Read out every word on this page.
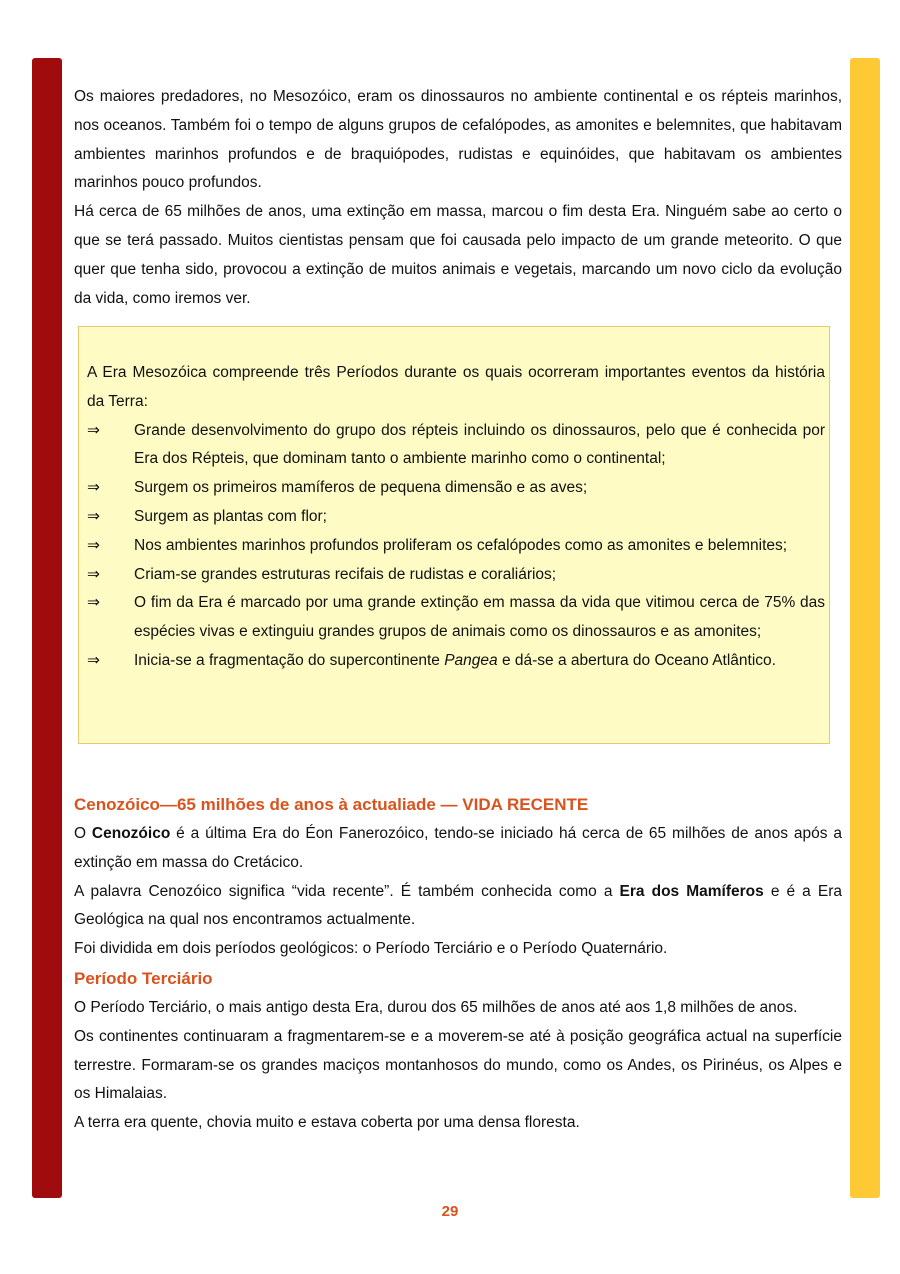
Os maiores predadores, no Mesozóico, eram os dinossauros no ambiente continental e os répteis marinhos, nos oceanos. Também foi o tempo de alguns grupos de cefalópodes, as amonites e belemnites, que habitavam ambientes marinhos profundos e de braquiópodes, rudistas e equinóides, que habitavam os ambientes marinhos pouco profundos.

Há cerca de 65 milhões de anos, uma extinção em massa, marcou o fim desta Era. Ninguém sabe ao certo o que se terá passado. Muitos cientistas pensam que foi causada pelo impacto de um grande meteorito. O que quer que tenha sido, provocou a extinção de muitos animais e vegetais, marcando um novo ciclo da evolução da vida, como iremos ver.

A Era Mesozóica compreende três Períodos durante os quais ocorreram importantes eventos da história da Terra:

⇒	Grande desenvolvimento do grupo dos répteis incluindo os dinossauros, pelo que é conhecida por Era dos Répteis, que dominam tanto o ambiente marinho como o continental;
⇒	Surgem os primeiros mamíferos de pequena dimensão e as aves;
⇒	Surgem as plantas com flor;
⇒	Nos ambientes marinhos profundos proliferam os cefalópodes como as amonites e belemnites;
⇒	Criam-se grandes estruturas recifais de rudistas e coraliários;
⇒	O fim da Era é marcado por uma grande extinção em massa da vida que vitimou cerca de 75% das espécies vivas e extinguiu grandes grupos de animais como os dinossauros e as amonites;
⇒	Inicia-se a fragmentação do supercontinente Pangea e dá-se a abertura do Oceano Atlântico.

Cenozóico—65 milhões de anos à actualiade — VIDA RECENTE

O Cenozóico é a última Era do Éon Fanerozóico, tendo-se iniciado há cerca de 65 milhões de anos após a extinção em massa do Cretácico.

A palavra Cenozóico significa “vida recente”. É também conhecida como a Era dos Mamíferos e é a Era Geológica na qual nos encontramos actualmente.

Foi dividida em dois períodos geológicos: o Período Terciário e o Período Quaternário.

Período Terciário

O Período Terciário, o mais antigo desta Era, durou dos 65 milhões de anos até aos 1,8 milhões de anos.

Os continentes continuaram a fragmentarem-se e a moverem-se até à posição geográfica actual na superfície terrestre. Formaram-se os grandes maciços montanhosos do mundo, como os Andes, os Pirinéus, os Alpes e os Himalaias.

A terra era quente, chovia muito e estava coberta por uma densa floresta.

29
